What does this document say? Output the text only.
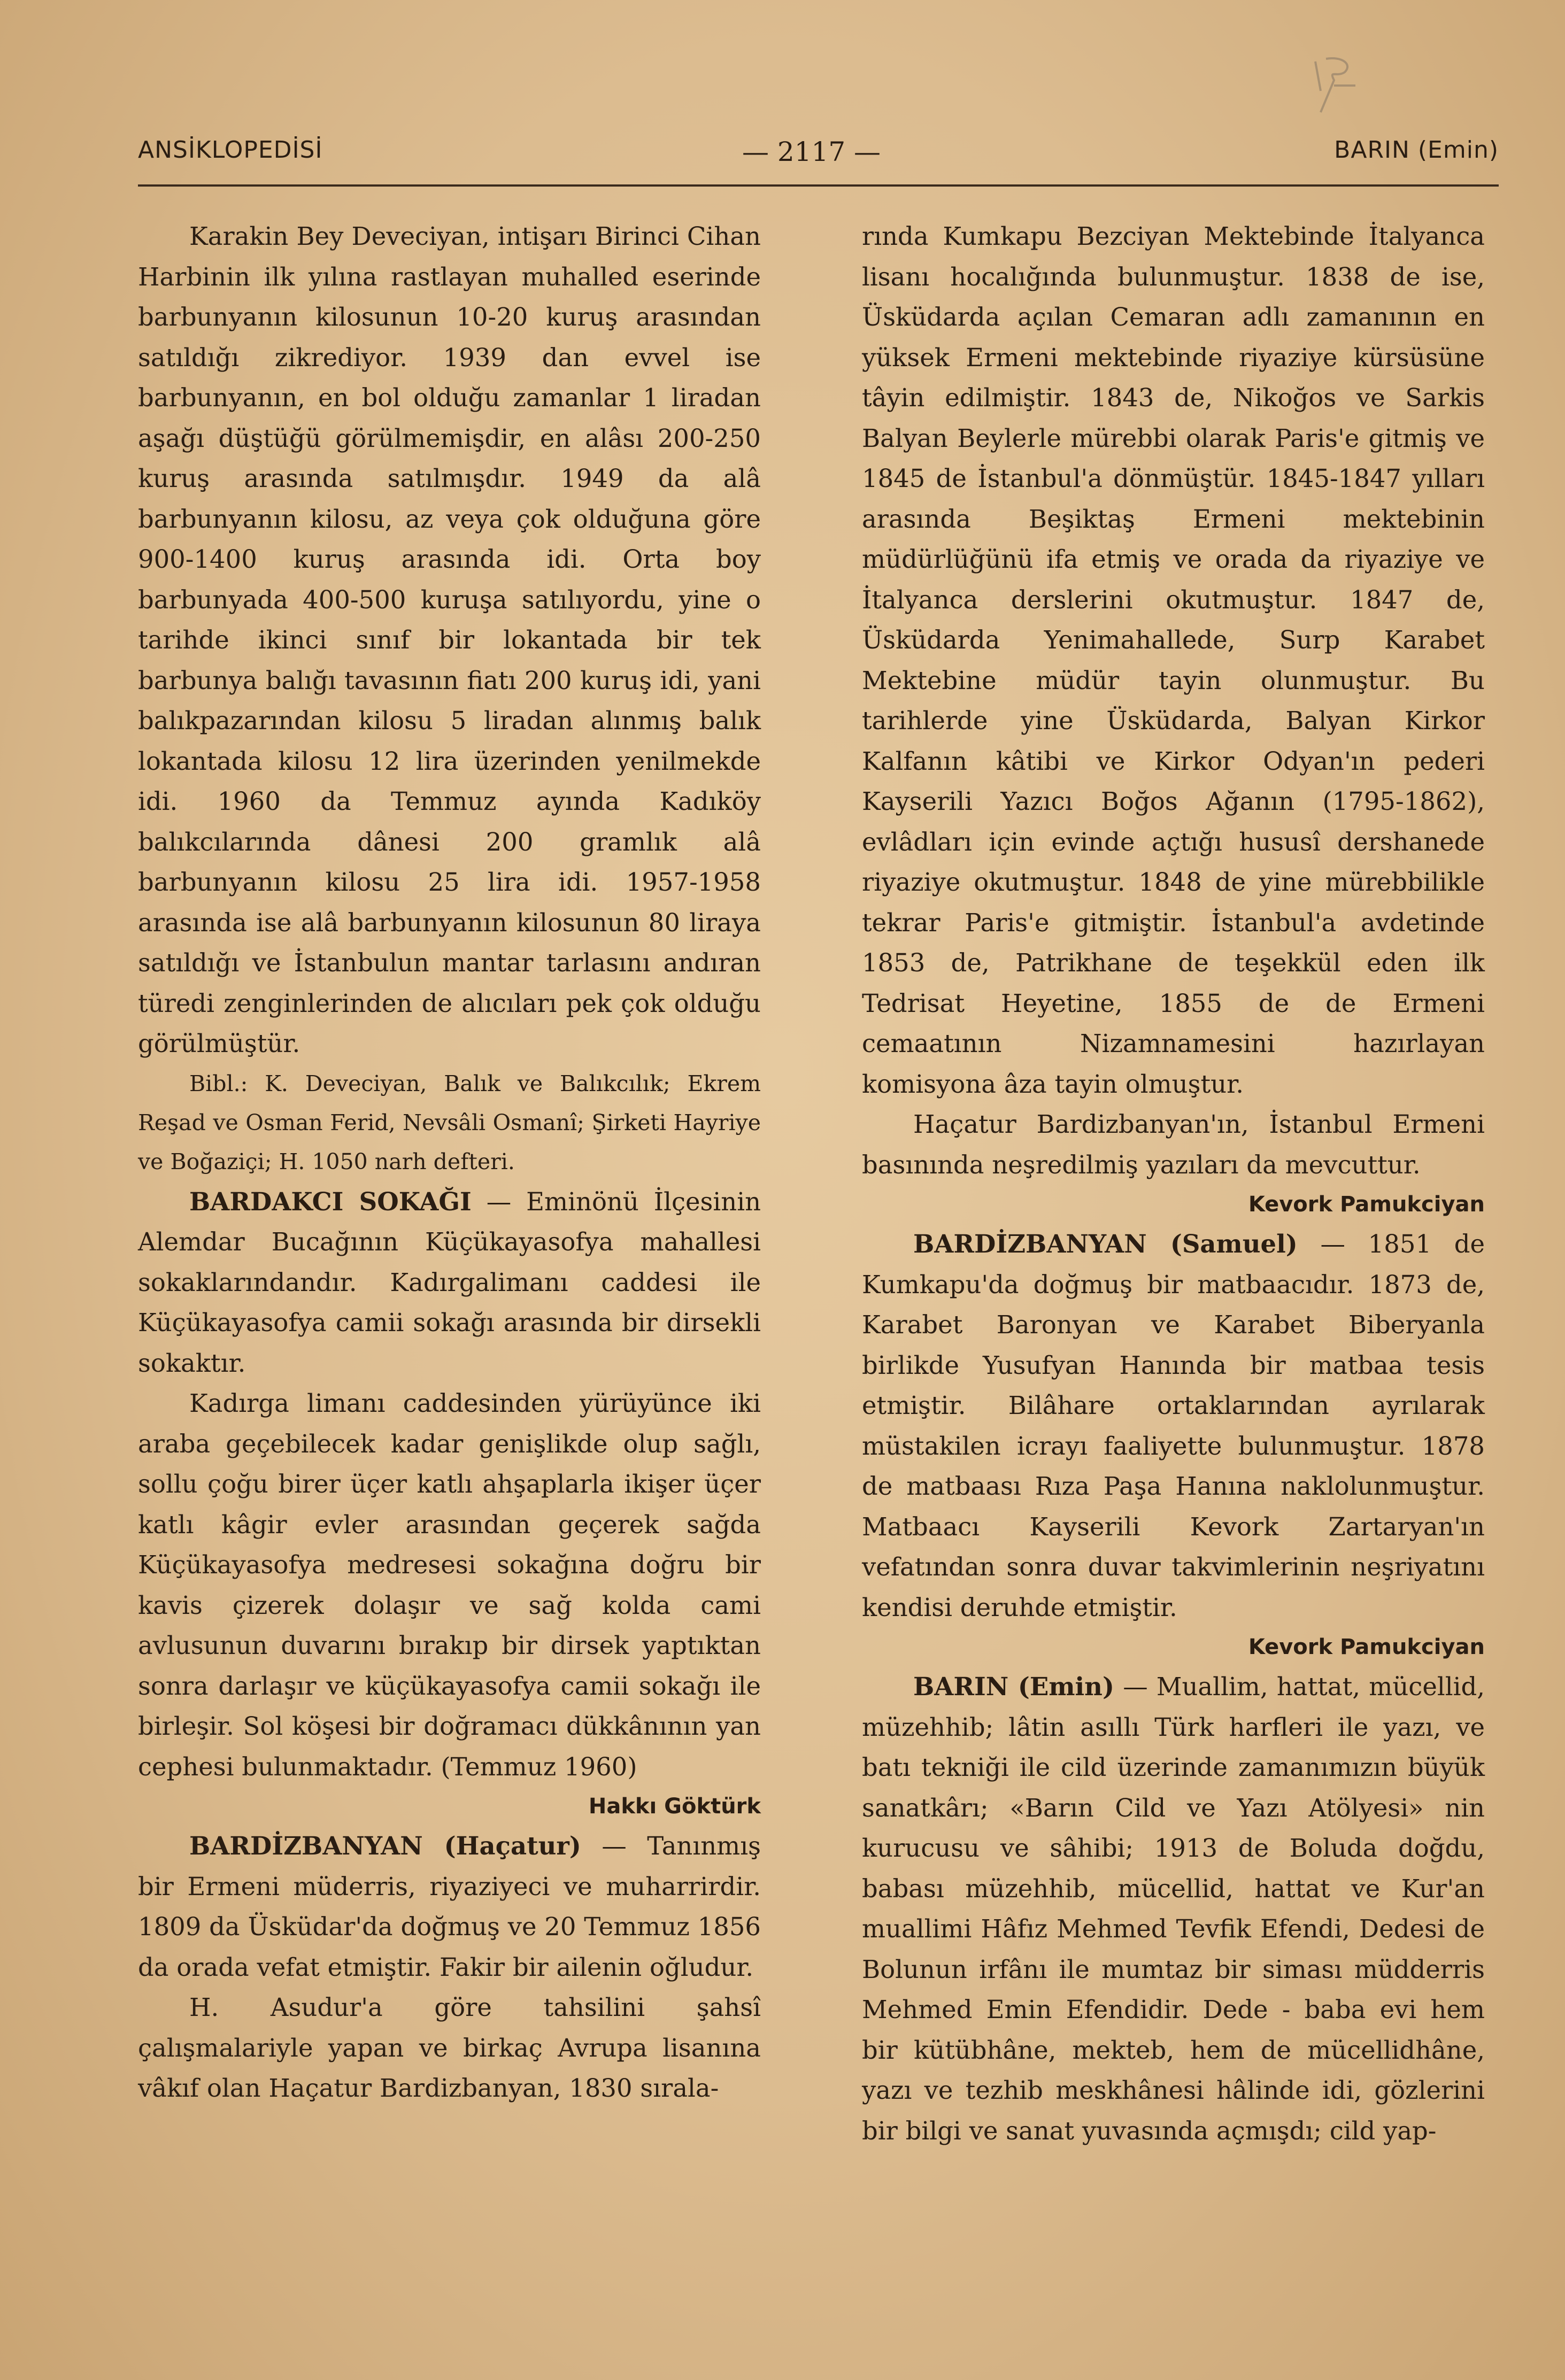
ANSİKLOPEDİSİ	— 2117 —	BARIN (Emin)

Karakin Bey Deveciyan, intişarı Birinci Cihan Harbinin ilk yılına rastlayan muhalled eserinde barbunyanın kilosunun 10-20 kuruş arasından satıldığı zikrediyor. 1939 dan evvel ise barbunyanın, en bol olduğu zamanlar 1 liradan aşağı düştüğü görülmemişdir, en alâsı 200-250 kuruş arasında satılmışdır. 1949 da alâ barbunyanın kilosu, az veya çok olduğuna göre 900-1400 kuruş arasında idi. Orta boy barbunyada 400-500 kuruşa satılıyordu, yine o tarihde ikinci sınıf bir lokantada bir tek barbunya balığı tavasının fiatı 200 kuruş idi, yani balıkpazarından kilosu 5 liradan alınmış balık lokantada kilosu 12 lira üzerinden yenilmekde idi. 1960 da Temmuz ayında Kadıköy balıkcılarında dânesi 200 gramlık alâ barbunyanın kilosu 25 lira idi. 1957-1958 arasında ise alâ barbunyanın kilosunun 80 liraya satıldığı ve İstanbulun mantar tarlasını andıran türedi zenginlerinden de alıcıları pek çok olduğu görülmüştür.

Bibl.: K. Deveciyan, Balık ve Balıkcılık; Ekrem Reşad ve Osman Ferid, Nevsâli Osmanî; Şirketi Hayriye ve Boğaziçi; H. 1050 narh defteri.

BARDAKCI SOKAĞI — Eminönü İlçesinin Alemdar Bucağının Küçükayasofya mahallesi sokaklarındandır. Kadırgalimanı caddesi ile Küçükayasofya camii sokağı arasında bir dirsekli sokaktır.

Kadırga limanı caddesinden yürüyünce iki araba geçebilecek kadar genişlikde olup sağlı, sollu çoğu birer üçer katlı ahşaplarla ikişer üçer katlı kâgir evler arasından geçerek sağda Küçükayasofya medresesi sokağına doğru bir kavis çizerek dolaşır ve sağ kolda cami avlusunun duvarını bırakıp bir dirsek yaptıktan sonra darlaşır ve küçükayasofya camii sokağı ile birleşir. Sol köşesi bir doğramacı dükkânının yan cephesi bulunmaktadır. (Temmuz 1960)

Hakkı Göktürk

BARDİZBANYAN (Haçatur) — Tanınmış bir Ermeni müderris, riyaziyeci ve muharrirdir. 1809 da Üsküdar'da doğmuş ve 20 Temmuz 1856 da orada vefat etmiştir. Fakir bir ailenin oğludur.

H. Asudur'a göre tahsilini şahsî çalışmalariyle yapan ve birkaç Avrupa lisanına vâkıf olan Haçatur Bardizbanyan, 1830 sırala-

rında Kumkapu Bezciyan Mektebinde İtalyanca lisanı hocalığında bulunmuştur. 1838 de ise, Üsküdarda açılan Cemaran adlı zamanının en yüksek Ermeni mektebinde riyaziye kürsüsüne tâyin edilmiştir. 1843 de, Nikoğos ve Sarkis Balyan Beylerle mürebbi olarak Paris'e gitmiş ve 1845 de İstanbul'a dönmüştür. 1845-1847 yılları arasında Beşiktaş Ermeni mektebinin müdürlüğünü ifa etmiş ve orada da riyaziye ve İtalyanca derslerini okutmuştur. 1847 de, Üsküdarda Yenimahallede, Surp Karabet Mektebine müdür tayin olunmuştur. Bu tarihlerde yine Üsküdarda, Balyan Kirkor Kalfanın kâtibi ve Kirkor Odyan'ın pederi Kayserili Yazıcı Boğos Ağanın (1795-1862), evlâdları için evinde açtığı hususî dershanede riyaziye okutmuştur. 1848 de yine mürebbilikle tekrar Paris'e gitmiştir. İstanbul'a avdetinde 1853 de, Patrikhane de teşekkül eden ilk Tedrisat Heyetine, 1855 de de Ermeni cemaatının Nizamnamesini hazırlayan komisyona âza tayin olmuştur.

Haçatur Bardizbanyan'ın, İstanbul Ermeni basınında neşredilmiş yazıları da mevcuttur.

Kevork Pamukciyan

BARDİZBANYAN (Samuel) — 1851 de Kumkapu'da doğmuş bir matbaacıdır. 1873 de, Karabet Baronyan ve Karabet Biberyanla birlikde Yusufyan Hanında bir matbaa tesis etmiştir. Bilâhare ortaklarından ayrılarak müstakilen icrayı faaliyette bulunmuştur. 1878 de matbaası Rıza Paşa Hanına naklolunmuştur. Matbaacı Kayserili Kevork Zartaryan'ın vefatından sonra duvar takvimlerinin neşriyatını kendisi deruhde etmiştir.

Kevork Pamukciyan

BARIN (Emin) — Muallim, hattat, mücellid, müzehhib; lâtin asıllı Türk harfleri ile yazı, ve batı tekniği ile cild üzerinde zamanımızın büyük sanatkârı; «Barın Cild ve Yazı Atölyesi» nin kurucusu ve sâhibi; 1913 de Boluda doğdu, babası müzehhib, mücellid, hattat ve Kur'an muallimi Hâfız Mehmed Tevfik Efendi, Dedesi de Bolunun irfânı ile mumtaz bir siması müdderris Mehmed Emin Efendidir. Dede - baba evi hem bir kütübhâne, mekteb, hem de mücellidhâne, yazı ve tezhib meskhânesi hâlinde idi, gözlerini bir bilgi ve sanat yuvasında açmışdı; cild yap-
